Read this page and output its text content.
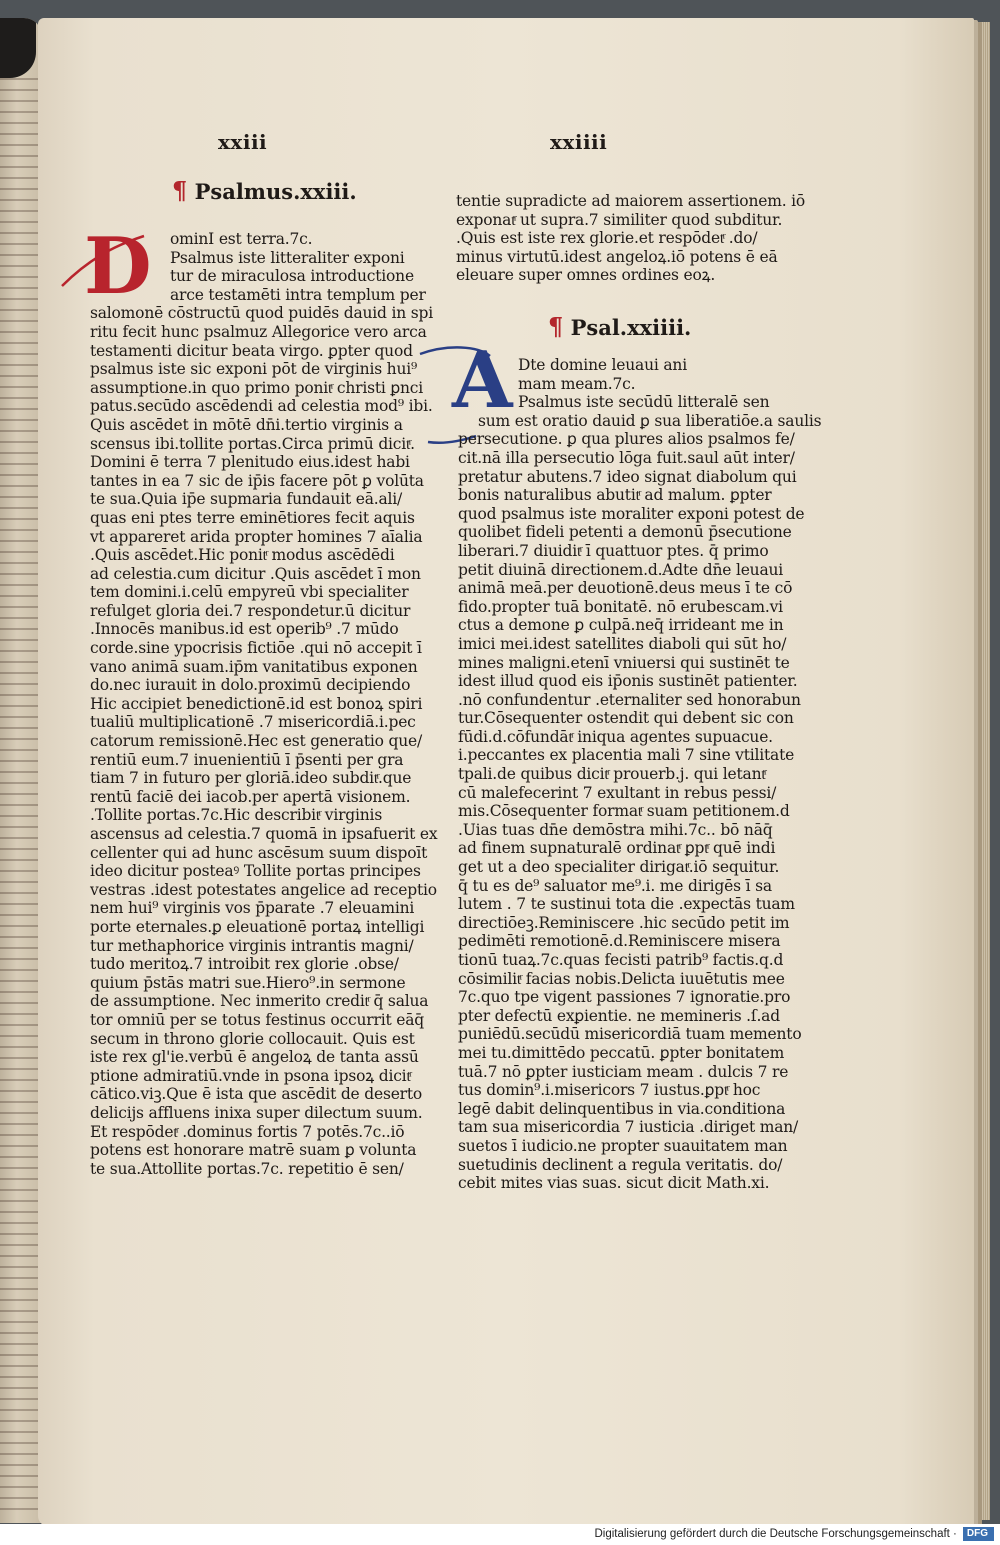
xxiii	xxiiii
¶ Psalmus.xxiii.
D	ominI est terra.7c.

Psalmus iste litteraliter exponi

tur de miraculosa introductione

arce testamēti intra templum per

salomonē cōstructū quod puidēs dauid in spi

ritu fecit hunc psalmuz Allegorice vero arca

testamenti dicitur beata virgo. ꝑpter quod

psalmus iste sic exponi pōt de virginis hui⁹

assumptione.in quo primo ponitͬ christi ꝑnci

patus.secūdo ascēdendi ad celestia mod⁹ ibi.

Quis ascēdet in mōtē dn̄i.tertio virginis a

scensus ibi.tollite portas.Circa primū dicitͬ.

Domini ē terra 7 plenitudo eius.idest habi

tantes in ea 7 sic de ip̄is facere pōt ꝑ volūta

te sua.Quia ip̄e supmaria fundauit eā.ali/

quas eni ptes terre eminētiores fecit aquis

vt appareret arida propter homines 7 aīalia

.Quis ascēdet.Hic ponitͬ modus ascēdēdi

ad celestia.cum dicitur .Quis ascēdet ī mon

tem domini.i.celū empyreū vbi specialiter

refulget gloria dei.7 respondetur.ū dicitur

.Innocēs manibus.id est operib⁹ .7 mūdo

corde.sine ypocrisis fictiōe .qui nō accepit ī

vano animā suam.ip̄m vanitatibus exponen

do.nec iurauit in dolo.proximū decipiendo

Hic accipiet benedictionē.id est bonoꝝ spiri

tualiū multiplicationē .7 misericordiā.i.pec

catorum remissionē.Hec est generatio que/

rentiū eum.7 inuenientiū ī p̄senti per gra

tiam 7 in futuro per gloriā.ideo subditͬ.que

rentū faciē dei iacob.per apertā visionem.

.Tollite portas.7c.Hic describitͬ virginis

ascensus ad celestia.7 quomā in ipsafuerit ex

cellenter qui ad hunc ascēsum suum dispoīt

ideo dicitur posteaꝰ Tollite portas principes

vestras .idest potestates angelice ad receptio

nem hui⁹ virginis vos p̄parate .7 eleuamini

porte eternales.ꝑ eleuationē portaꝝ intelligi

tur methaphorice virginis intrantis magni/

tudo meritoꝝ.7 introibit rex glorie .obse/

quium p̄stās matri sue.Hiero⁹.in sermone

de assumptione. Nec inmerito creditͬ q̄ salua

tor omniū per se totus festinus occurrit eāq̄

secum in throno glorie collocauit. Quis est

iste rex gl'ie.verbū ē angeloꝝ de tanta assū

ptione admiratiū.vnde in psona ipsoꝝ dicitͬ

cātico.viꝫ.Que ē ista que ascēdit de deserto

delicijs affluens inixa super dilectum suum.

Et respōdetͬ .dominus fortis 7 potēs.7c..iō

potens est honorare matrē suam ꝑ volunta

te sua.Attollite portas.7c. repetitio ē sen/

tentie supradicte ad maiorem assertionem. iō

exponatͬ ut supra.7 similiter quod subditur.

.Quis est iste rex glorie.et respōdetͬ .do/

minus virtutū.idest angeloꝝ.iō potens ē eā

eleuare super omnes ordines eoꝝ.

¶ Psal.xxiiii.
A Dte domine leuaui ani

mam meam.7c.

Psalmus iste secūdū litteralē sen

sum est oratio dauid ꝑ sua liberatiōe.a saulis

persecutione. ꝑ qua plures alios psalmos fe/

cit.nā illa persecutio lōga fuit.saul aūt inter/

pretatur abutens.7 ideo signat diabolum qui

bonis naturalibus abutitͬ ad malum. ꝑpter

quod psalmus iste moraliter exponi potest de

quolibet fideli petenti a demonū p̄secutione

liberari.7 diuiditͬ ī quattuor ptes. q̄ primo

petit diuinā directionem.d.Adte dn̄e leuaui

animā meā.per deuotionē.deus meus ī te cō

fido.propter tuā bonitatē. nō erubescam.vi

ctus a demone ꝑ culpā.neq̄ irrideant me in

imici mei.idest satellites diaboli qui sūt ho/

mines maligni.etenī vniuersi qui sustinēt te

idest illud quod eis ip̄onis sustinēt patienter.

.nō confundentur .eternaliter sed honorabun

tur.Cōsequenter ostendit qui debent sic con

fūdi.d.cōfundātͬ iniqua agentes supuacue.

i.peccantes ex placentia mali 7 sine vtilitate

tpali.de quibus dicitͬ prouerb.j. qui letantͬ

cū malefecerint 7 exultant in rebus pessi/

mis.Cōsequenter formatͬ suam petitionem.d

.Uias tuas dn̄e demōstra mihi.7c.. bō nāq̄

ad finem supnaturalē ordinatͬ ꝑptͬ quē indi

get ut a deo specialiter dirigatͬ.iō sequitur.

q̄ tu es de⁹ saluator me⁹.i. me dirigēs ī sa

lutem . 7 te sustinui tota die .expectās tuam

directiōeꝫ.Reminiscere .hic secūdo petit im

pedimēti remotionē.d.Reminiscere misera

tionū tuaꝝ.7c.quas fecisti patrib⁹ factis.q.d

cōsimilitͬ facias nobis.Delicta iuuētutis mee

7c.quo tpe vigent passiones 7 ignoratie.pro

pter defectū exꝑientie. ne memineris .ſ.ad

puniēdū.secūdū misericordiā tuam memento

mei tu.dimittēdo peccatū. ꝑpter bonitatem

tuā.7 nō ꝑpter iusticiam meam . dulcis 7 re

tus domin⁹.i.misericors 7 iustus.ꝑptͬ hoc

legē dabit delinquentibus in via.conditiona

tam sua misericordia 7 iusticia .diriget man/

suetos ī iudicio.ne propter suauitatem man

suetudinis declinent a regula veritatis. do/

cebit mites vias suas. sicut dicit Math.xi.

Digitalisierung gefördert durch die Deutsche Forschungsgemeinschaft · DFG
